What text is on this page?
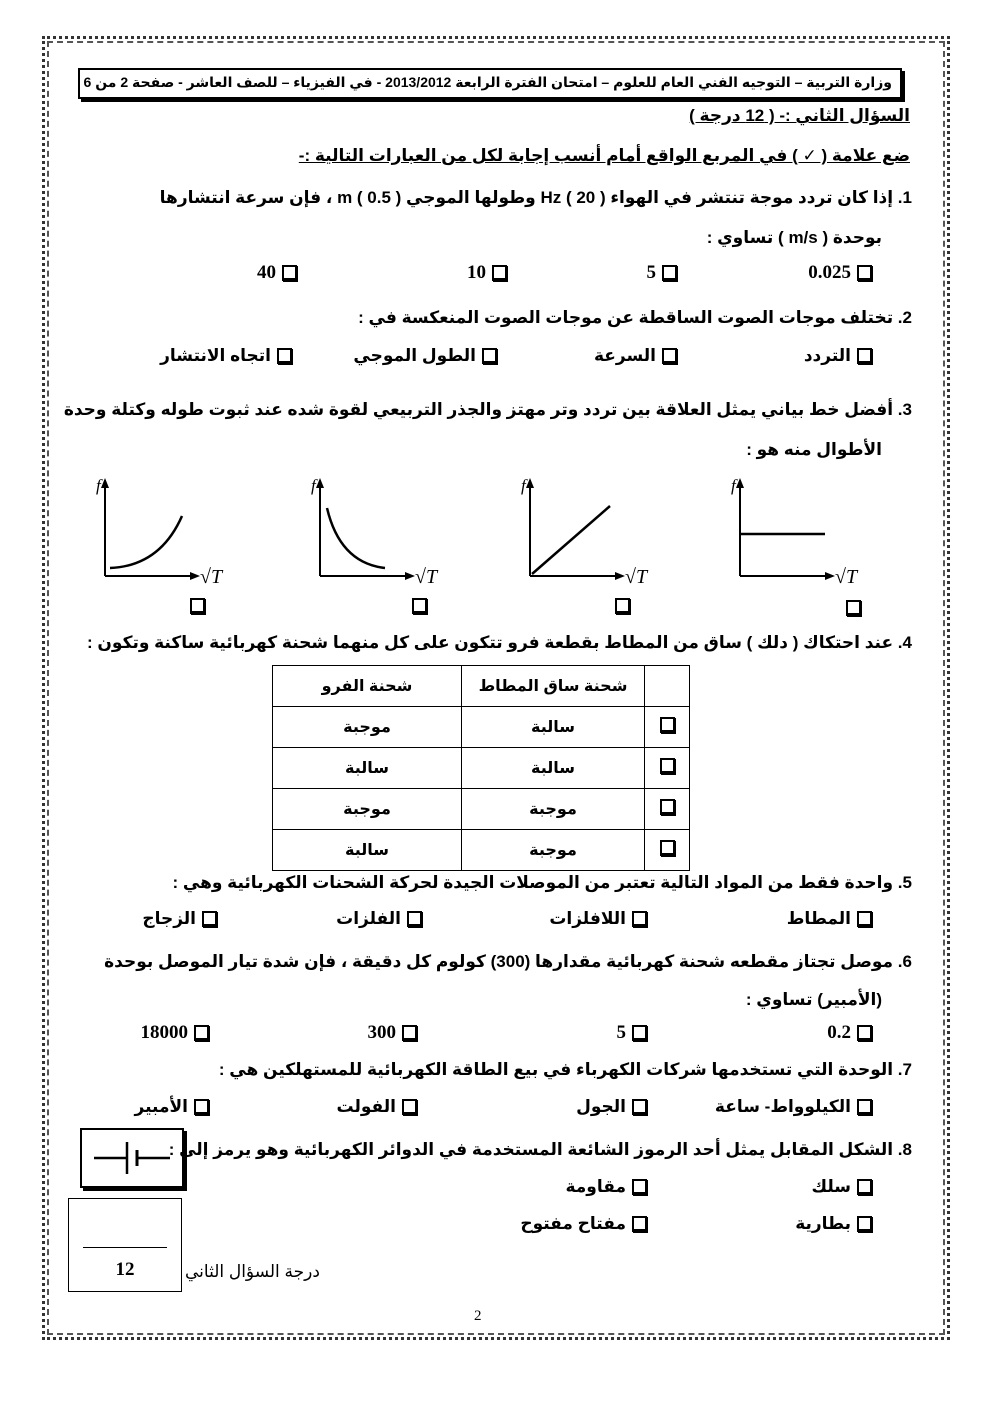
وزارة التربية – التوجيه الفني العام للعلوم – امتحان الفترة الرابعة 2013/2012 - في الفيزياء – للصف العاشر - صفحة 2 من 6
السؤال الثاني :- ( 12 درجة )
ضع علامة ( ✓ ) في المربع الواقع أمام أنسب إجابة لكل من العبارات التالية :-
1. إذا كان تردد موجة تنتشر في الهواء Hz ( 20 ) وطولها الموجي m ( 0.5 ) ، فإن سرعة انتشارها
بوحدة ( m/s ) تساوي :
0.025
5
10
40
2. تختلف موجات الصوت الساقطة عن موجات الصوت المنعكسة في :
التردد
السرعة
الطول الموجي
اتجاه الانتشار
3. أفضل خط بياني يمثل العلاقة بين تردد وتر مهتز والجذر التربيعي لقوة شده عند ثبوت طوله وكتلة وحدة
الأطوال منه هو :
f	f	f	f
√T	√T	√T	√T
4. عند احتكاك ( دلك ) ساق من المطاط بقطعة فرو تتكون على كل منهما شحنة كهربائية ساكنة وتكون :
	شحنة ساق المطاط	شحنة الفرو
	سالبة	موجبة
	سالبة	سالبة
	موجبة	موجبة
	موجبة	سالبة
5. واحدة فقط من المواد التالية تعتبر من الموصلات الجيدة لحركة الشحنات الكهربائية وهي :
المطاط
اللافلزات
الفلزات
الزجاج
6. موصل تجتاز مقطعه شحنة كهربائية مقدارها (300) كولوم كل دقيقة ، فإن شدة تيار الموصل بوحدة
(الأمبير) تساوي :
0.2
5
300
18000
7. الوحدة التي تستخدمها شركات الكهرباء في بيع الطاقة الكهربائية للمستهلكين هي :
الكيلوواط- ساعة
الجول
الفولت
الأمبير
8. الشكل المقابل يمثل أحد الرموز الشائعة المستخدمة في الدوائر الكهربائية وهو يرمز إلى :
سلك
مقاومة
بطارية
مفتاح مفتوح
12	درجة السؤال الثاني
2
